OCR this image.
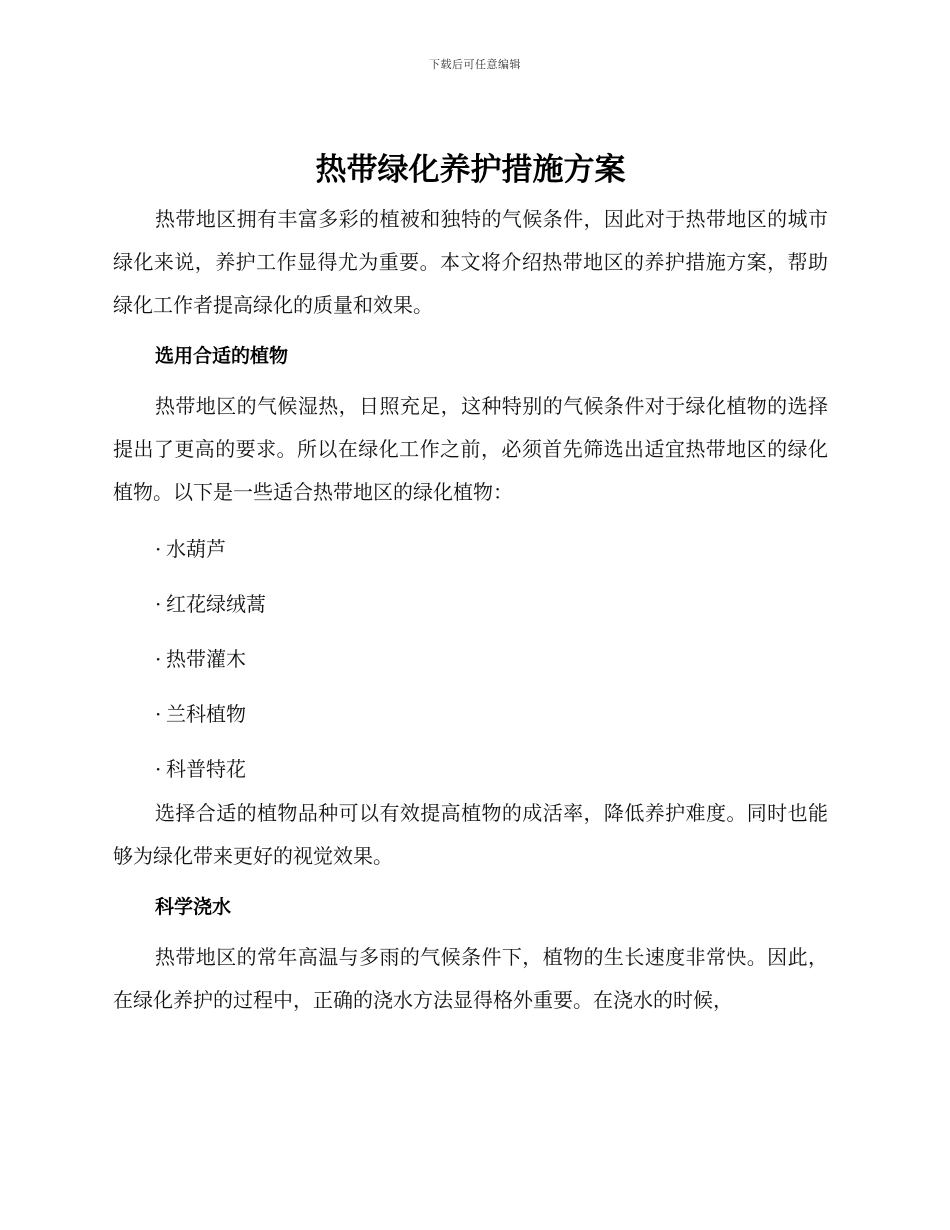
下载后可任意编辑
热带绿化养护措施方案

热带地区拥有丰富多彩的植被和独特的气候条件，因此对于热带地区的城市绿化来说，养护工作显得尤为重要。本文将介绍热带地区的养护措施方案，帮助绿化工作者提高绿化的质量和效果。

选用合适的植物

热带地区的气候湿热，日照充足，这种特别的气候条件对于绿化植物的选择提出了更高的要求。所以在绿化工作之前，必须首先筛选出适宜热带地区的绿化植物。以下是一些适合热带地区的绿化植物：

· 水葫芦
· 红花绿绒蒿
· 热带灌木
· 兰科植物
· 科普特花

选择合适的植物品种可以有效提高植物的成活率，降低养护难度。同时也能够为绿化带来更好的视觉效果。

科学浇水

热带地区的常年高温与多雨的气候条件下，植物的生长速度非常快。因此，在绿化养护的过程中，正确的浇水方法显得格外重要。在浇水的时候，
